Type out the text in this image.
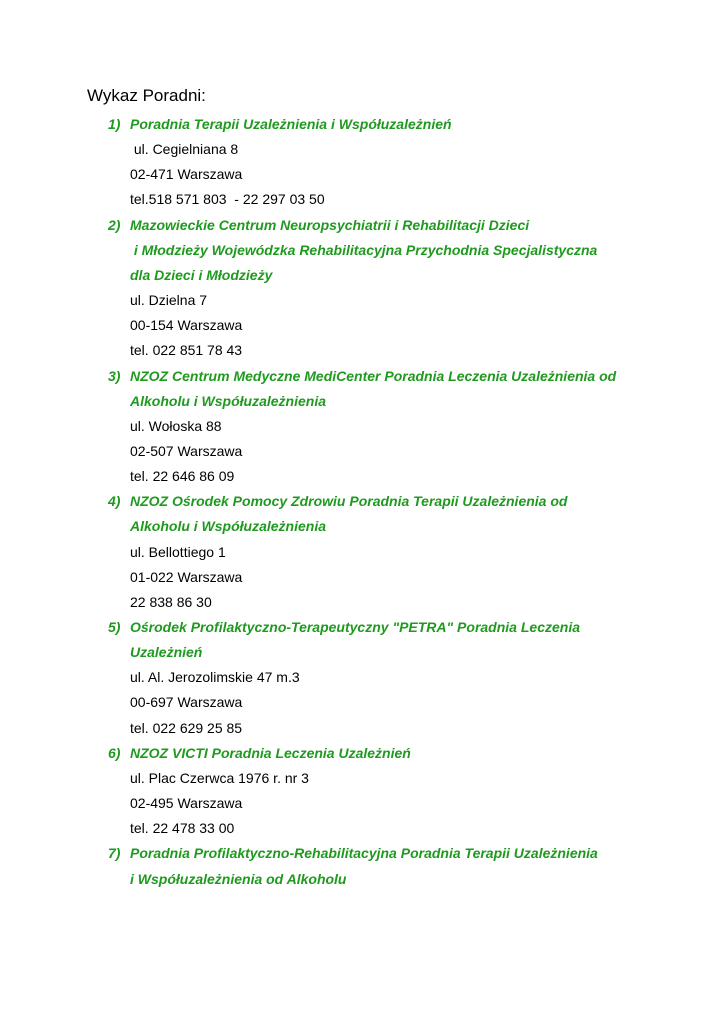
Wykaz Poradni:
1) Poradnia Terapii Uzależnienia i Współuzależnień
ul. Cegielniana 8
02-471 Warszawa
tel.518 571 803  - 22 297 03 50
2) Mazowieckie Centrum Neuropsychiatrii i Rehabilitacji Dzieci
i Młodzieży Wojewódzka Rehabilitacyjna Przychodnia Specjalistyczna
dla Dzieci i Młodzieży
ul. Dzielna 7
00-154 Warszawa
tel. 022 851 78 43
3) NZOZ Centrum Medyczne MediCenter Poradnia Leczenia Uzależnienia od
Alkoholu i Współuzależnienia
ul. Wołoska 88
02-507 Warszawa
tel. 22 646 86 09
4) NZOZ Ośrodek Pomocy Zdrowiu Poradnia Terapii Uzależnienia od
Alkoholu i Współuzależnienia
ul. Bellottiego 1
01-022 Warszawa
22 838 86 30
5) Ośrodek Profilaktyczno-Terapeutyczny "PETRA" Poradnia Leczenia
Uzależnień
ul. Al. Jerozolimskie 47 m.3
00-697 Warszawa
tel. 022 629 25 85
6) NZOZ VICTI Poradnia Leczenia Uzależnień
ul. Plac Czerwca 1976 r. nr 3
02-495 Warszawa
tel. 22 478 33 00
7) Poradnia Profilaktyczno-Rehabilitacyjna Poradnia Terapii Uzależnienia
i Współuzależnienia od Alkoholu
